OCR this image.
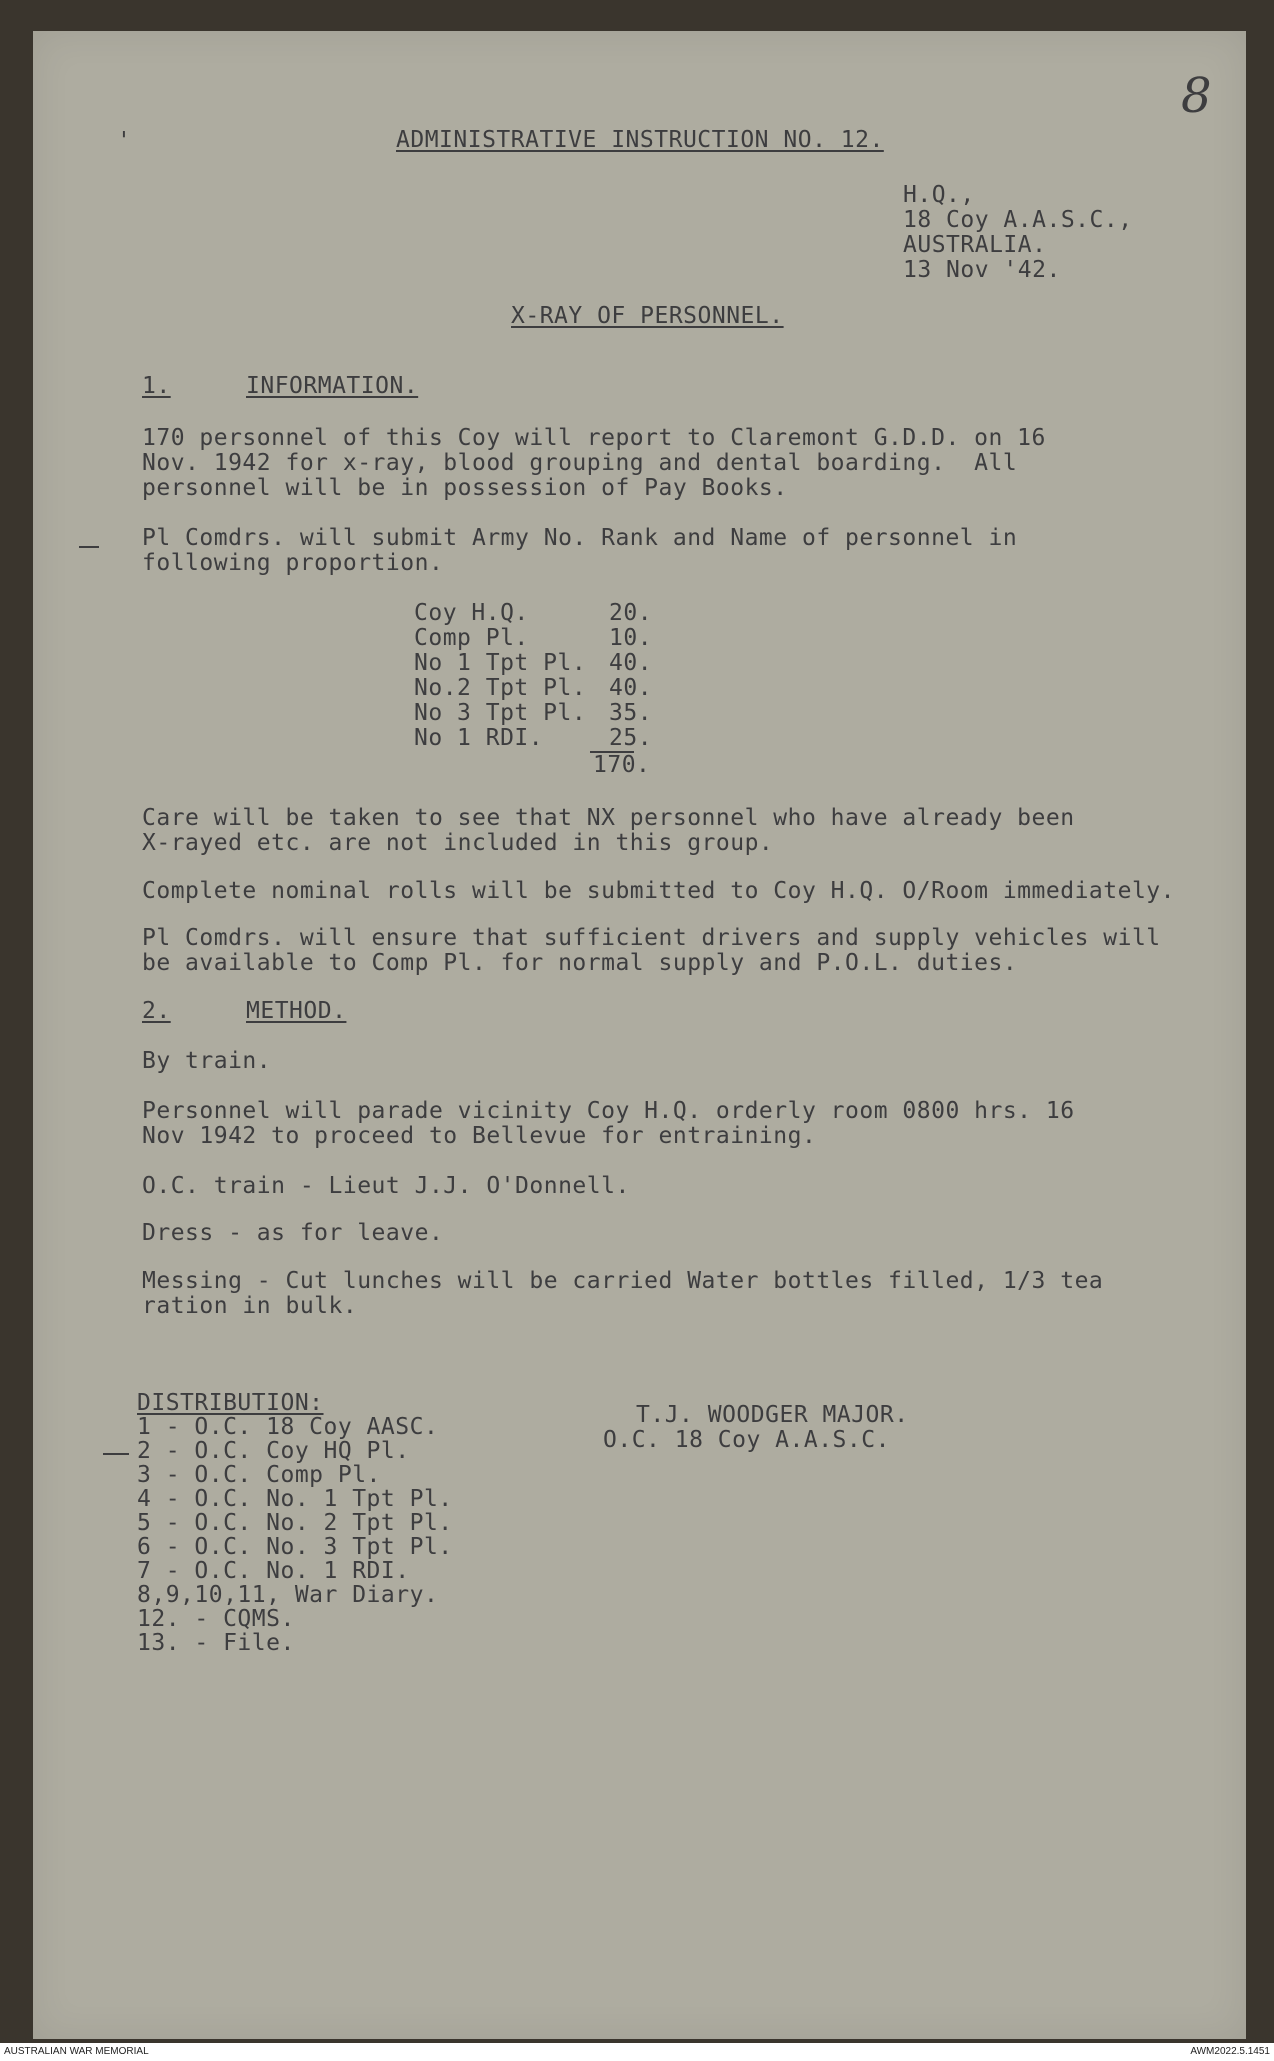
8
'	ADMINISTRATIVE INSTRUCTION NO. 12.
H.Q.,
18 Coy A.A.S.C.,
AUSTRALIA.
13 Nov '42.
X-RAY OF PERSONNEL.
1.	INFORMATION.
170 personnel of this Coy will report to Claremont G.D.D. on 16
Nov. 1942 for x-ray, blood grouping and dental boarding.  All
personnel will be in possession of Pay Books.
Pl Comdrs. will submit Army No. Rank and Name of personnel in
following proportion.
Coy H.Q.	20.
Comp Pl.	10.
No 1 Tpt Pl. 40.
No.2 Tpt Pl. 40.
No 3 Tpt Pl. 35.
No 1 RDI.	25.
170.
Care will be taken to see that NX personnel who have already been
X-rayed etc. are not included in this group.
Complete nominal rolls will be submitted to Coy H.Q. O/Room immediately.
Pl Comdrs. will ensure that sufficient drivers and supply vehicles will
be available to Comp Pl. for normal supply and P.O.L. duties.
2.	METHOD.
By train.
Personnel will parade vicinity Coy H.Q. orderly room 0800 hrs. 16
Nov 1942 to proceed to Bellevue for entraining.
O.C. train - Lieut J.J. O'Donnell.
Dress - as for leave.
Messing - Cut lunches will be carried Water bottles filled, 1/3 tea
ration in bulk.
DISTRIBUTION:
1 - O.C. 18 Coy AASC.
2 - O.C. Coy HQ Pl.
3 - O.C. Comp Pl.
4 - O.C. No. 1 Tpt Pl.
5 - O.C. No. 2 Tpt Pl.
6 - O.C. No. 3 Tpt Pl.
7 - O.C. No. 1 RDI.
8,9,10,11, War Diary.
12. - CQMS.
13. - File.
T.J. WOODGER MAJOR.
O.C. 18 Coy A.A.S.C.
AUSTRALIAN WAR MEMORIAL	AWM2022.5.1451
